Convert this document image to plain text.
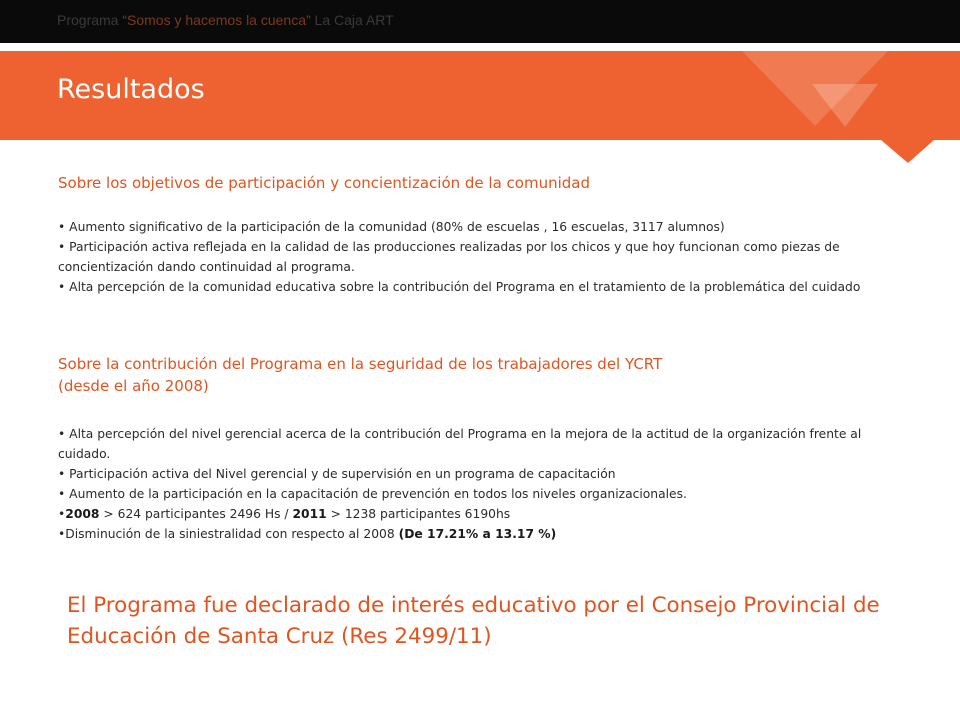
Programa “Somos y hacemos la cuenca” La Caja ART
Resultados
Sobre los objetivos de participación y concientización de la comunidad
• Aumento significativo de la participación de la comunidad (80% de escuelas , 16 escuelas, 3117 alumnos)
• Participación activa reflejada en la calidad de las producciones realizadas por los chicos y que hoy funcionan como piezas de concientización dando continuidad al programa.
• Alta percepción de la comunidad educativa sobre la contribución del Programa en el tratamiento de la problemática del cuidado
Sobre la contribución del Programa en la seguridad de los trabajadores del YCRT
(desde el año 2008)
• Alta percepción del nivel gerencial acerca de la contribución del Programa en la mejora de la actitud de la organización frente al cuidado.
• Participación activa del Nivel gerencial y de supervisión en un programa de capacitación
• Aumento de la participación en la capacitación de prevención en todos los niveles organizacionales.
•2008 > 624 participantes 2496 Hs / 2011 > 1238 participantes 6190hs
•Disminución de la siniestralidad con respecto al 2008 (De 17.21% a 13.17 %)
El Programa fue declarado de interés educativo por el Consejo Provincial de Educación de Santa Cruz (Res 2499/11)
